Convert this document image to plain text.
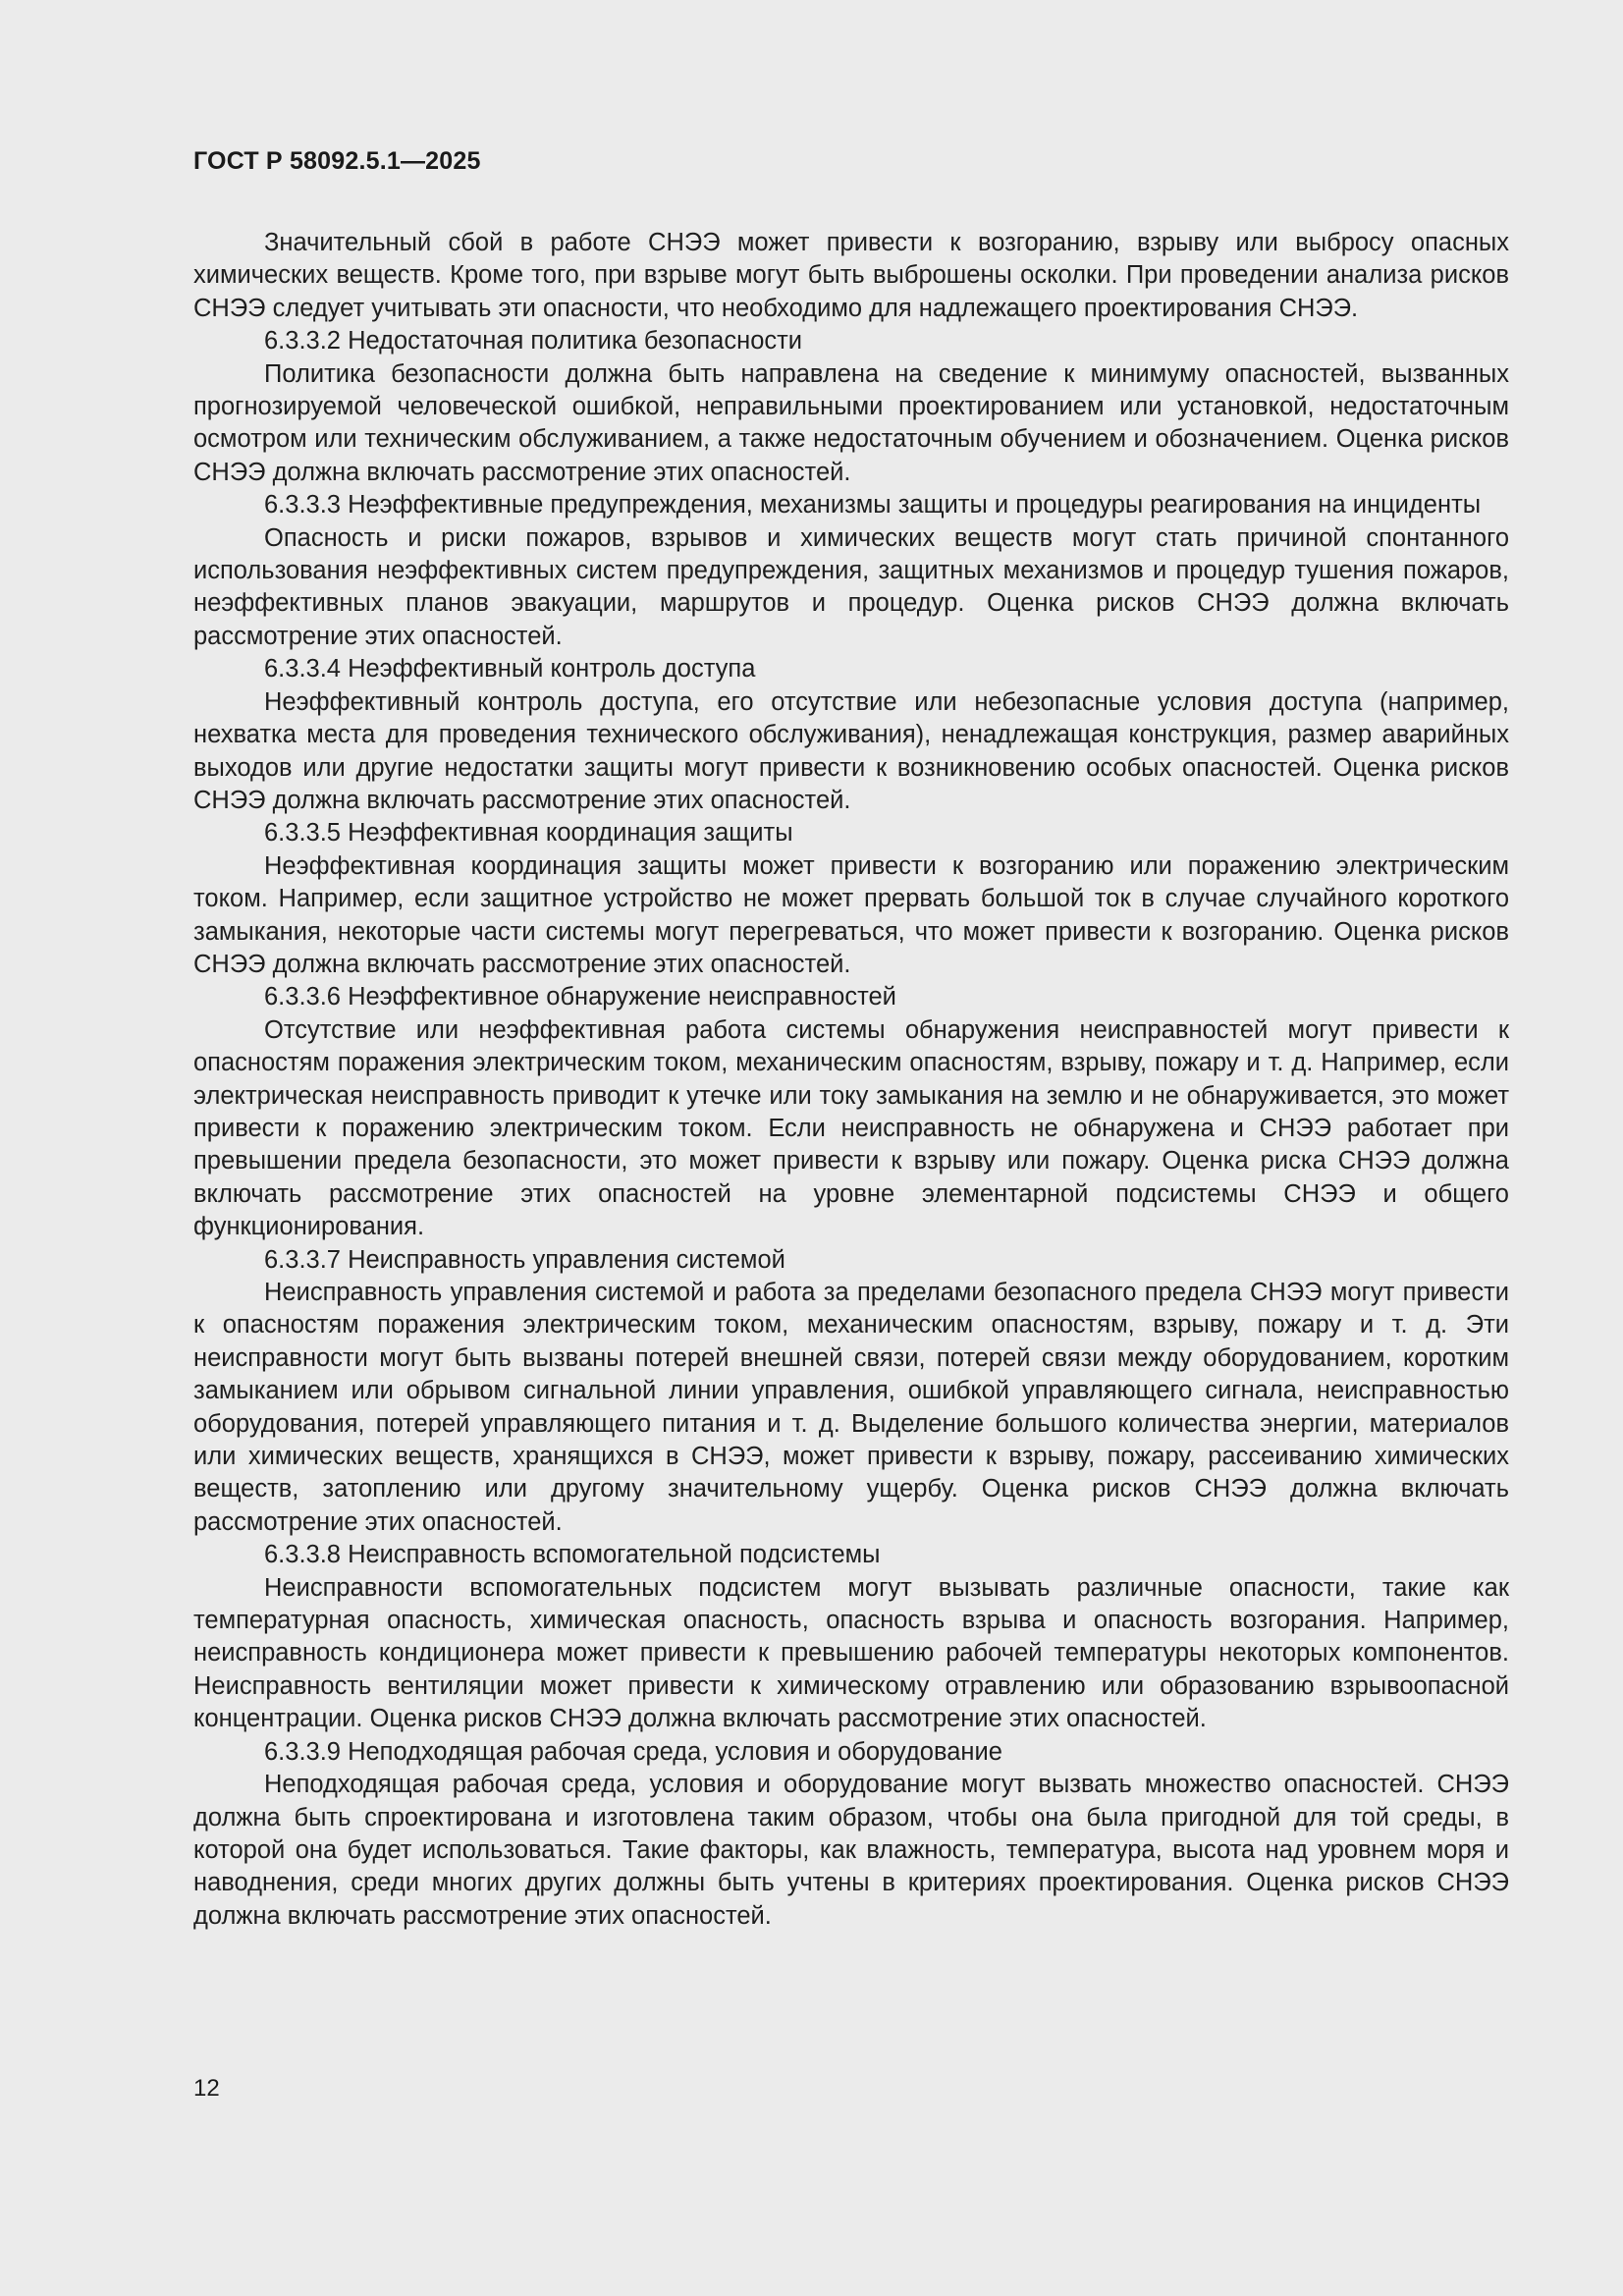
ГОСТ Р 58092.5.1—2025

Значительный сбой в работе СНЭЭ может привести к возгоранию, взрыву или выбросу опасных химических веществ. Кроме того, при взрыве могут быть выброшены осколки. При проведении анализа рисков СНЭЭ следует учитывать эти опасности, что необходимо для надлежащего проектирования СНЭЭ.

6.3.3.2 Недостаточная политика безопасности

Политика безопасности должна быть направлена на сведение к минимуму опасностей, вызванных прогнозируемой человеческой ошибкой, неправильными проектированием или установкой, недостаточным осмотром или техническим обслуживанием, а также недостаточным обучением и обозначением. Оценка рисков СНЭЭ должна включать рассмотрение этих опасностей.

6.3.3.3 Неэффективные предупреждения, механизмы защиты и процедуры реагирования на инциденты

Опасность и риски пожаров, взрывов и химических веществ могут стать причиной спонтанного использования неэффективных систем предупреждения, защитных механизмов и процедур тушения пожаров, неэффективных планов эвакуации, маршрутов и процедур. Оценка рисков СНЭЭ должна включать рассмотрение этих опасностей.

6.3.3.4 Неэффективный контроль доступа

Неэффективный контроль доступа, его отсутствие или небезопасные условия доступа (например, нехватка места для проведения технического обслуживания), ненадлежащая конструкция, размер аварийных выходов или другие недостатки защиты могут привести к возникновению особых опасностей. Оценка рисков СНЭЭ должна включать рассмотрение этих опасностей.

6.3.3.5 Неэффективная координация защиты

Неэффективная координация защиты может привести к возгоранию или поражению электрическим током. Например, если защитное устройство не может прервать большой ток в случае случайного короткого замыкания, некоторые части системы могут перегреваться, что может привести к возгоранию. Оценка рисков СНЭЭ должна включать рассмотрение этих опасностей.

6.3.3.6 Неэффективное обнаружение неисправностей

Отсутствие или неэффективная работа системы обнаружения неисправностей могут привести к опасностям поражения электрическим током, механическим опасностям, взрыву, пожару и т. д. Например, если электрическая неисправность приводит к утечке или току замыкания на землю и не обнаруживается, это может привести к поражению электрическим током. Если неисправность не обнаружена и СНЭЭ работает при превышении предела безопасности, это может привести к взрыву или пожару. Оценка риска СНЭЭ должна включать рассмотрение этих опасностей на уровне элементарной подсистемы СНЭЭ и общего функционирования.

6.3.3.7 Неисправность управления системой

Неисправность управления системой и работа за пределами безопасного предела СНЭЭ могут привести к опасностям поражения электрическим током, механическим опасностям, взрыву, пожару и т. д. Эти неисправности могут быть вызваны потерей внешней связи, потерей связи между оборудованием, коротким замыканием или обрывом сигнальной линии управления, ошибкой управляющего сигнала, неисправностью оборудования, потерей управляющего питания и т. д. Выделение большого количества энергии, материалов или химических веществ, хранящихся в СНЭЭ, может привести к взрыву, пожару, рассеиванию химических веществ, затоплению или другому значительному ущербу. Оценка рисков СНЭЭ должна включать рассмотрение этих опасностей.

6.3.3.8 Неисправность вспомогательной подсистемы

Неисправности вспомогательных подсистем могут вызывать различные опасности, такие как температурная опасность, химическая опасность, опасность взрыва и опасность возгорания. Например, неисправность кондиционера может привести к превышению рабочей температуры некоторых компонентов. Неисправность вентиляции может привести к химическому отравлению или образованию взрывоопасной концентрации. Оценка рисков СНЭЭ должна включать рассмотрение этих опасностей.

6.3.3.9 Неподходящая рабочая среда, условия и оборудование

Неподходящая рабочая среда, условия и оборудование могут вызвать множество опасностей. СНЭЭ должна быть спроектирована и изготовлена таким образом, чтобы она была пригодной для той среды, в которой она будет использоваться. Такие факторы, как влажность, температура, высота над уровнем моря и наводнения, среди многих других должны быть учтены в критериях проектирования. Оценка рисков СНЭЭ должна включать рассмотрение этих опасностей.

12
